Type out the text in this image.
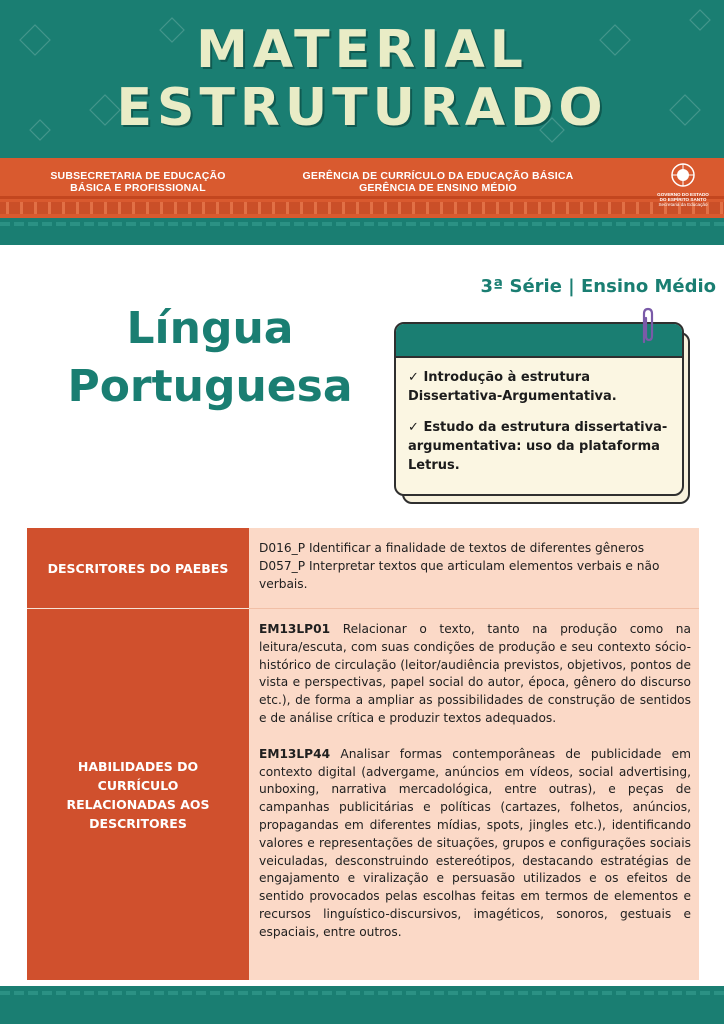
MATERIAL
ESTRUTURADO
SUBSECRETARIA DE EDUCAÇÃO BÁSICA E PROFISSIONAL
GERÊNCIA DE CURRÍCULO DA EDUCAÇÃO BÁSICA
GERÊNCIA DE ENSINO MÉDIO
GOVERNO DO ESTADO
DO ESPÍRITO SANTO
Secretaria da Educação
3ª Série | Ensino Médio
Língua
Portuguesa	✓ Introdução à estrutura Dissertativa-Argumentativa.
✓ Estudo da estrutura dissertativa-argumentativa: uso da plataforma Letrus.
DESCRITORES DO PAEBES
D016_P Identificar a finalidade de textos de diferentes gêneros
D057_P Interpretar textos que articulam elementos verbais e não verbais.
HABILIDADES DO CURRÍCULO RELACIONADAS AOS DESCRITORES
EM13LP01 Relacionar o texto, tanto na produção como na leitura/escuta, com suas condições de produção e seu contexto sócio-histórico de circulação (leitor/audiência previstos, objetivos, pontos de vista e perspectivas, papel social do autor, época, gênero do discurso etc.), de forma a ampliar as possibilidades de construção de sentidos e de análise crítica e produzir textos adequados.
EM13LP44 Analisar formas contemporâneas de publicidade em contexto digital (advergame, anúncios em vídeos, social advertising, unboxing, narrativa mercadológica, entre outras), e peças de campanhas publicitárias e políticas (cartazes, folhetos, anúncios, propagandas em diferentes mídias, spots, jingles etc.), identificando valores e representações de situações, grupos e configurações sociais veiculadas, desconstruindo estereótipos, destacando estratégias de engajamento e viralização e persuasão utilizados e os efeitos de sentido provocados pelas escolhas feitas em termos de elementos e recursos linguístico-discursivos, imagéticos, sonoros, gestuais e espaciais, entre outros.
